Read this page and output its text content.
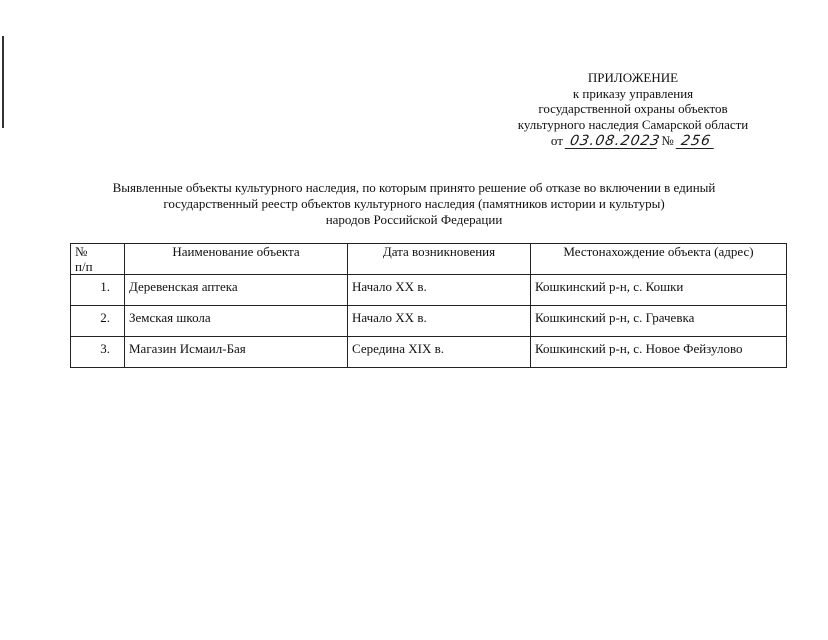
ПРИЛОЖЕНИЕ
к приказу управления
государственной охраны объектов
культурного наследия Самарской области
от 03.08.2023 № 256
Выявленные объекты культурного наследия, по которым принято решение об отказе во включении в единый
государственный реестр объектов культурного наследия (памятников истории и культуры)
народов Российской Федерации
№
п/п	Наименование объекта	Дата возникновения	Местонахождение объекта (адрес)
1.	Деревенская аптека	Начало XX в.	Кошкинский р-н, с. Кошки
2.	Земская школа	Начало XX в.	Кошкинский р-н, с. Грачевка
3.	Магазин Исмаил-Бая	Середина XIX в.	Кошкинский р-н, с. Новое Фейзулово
